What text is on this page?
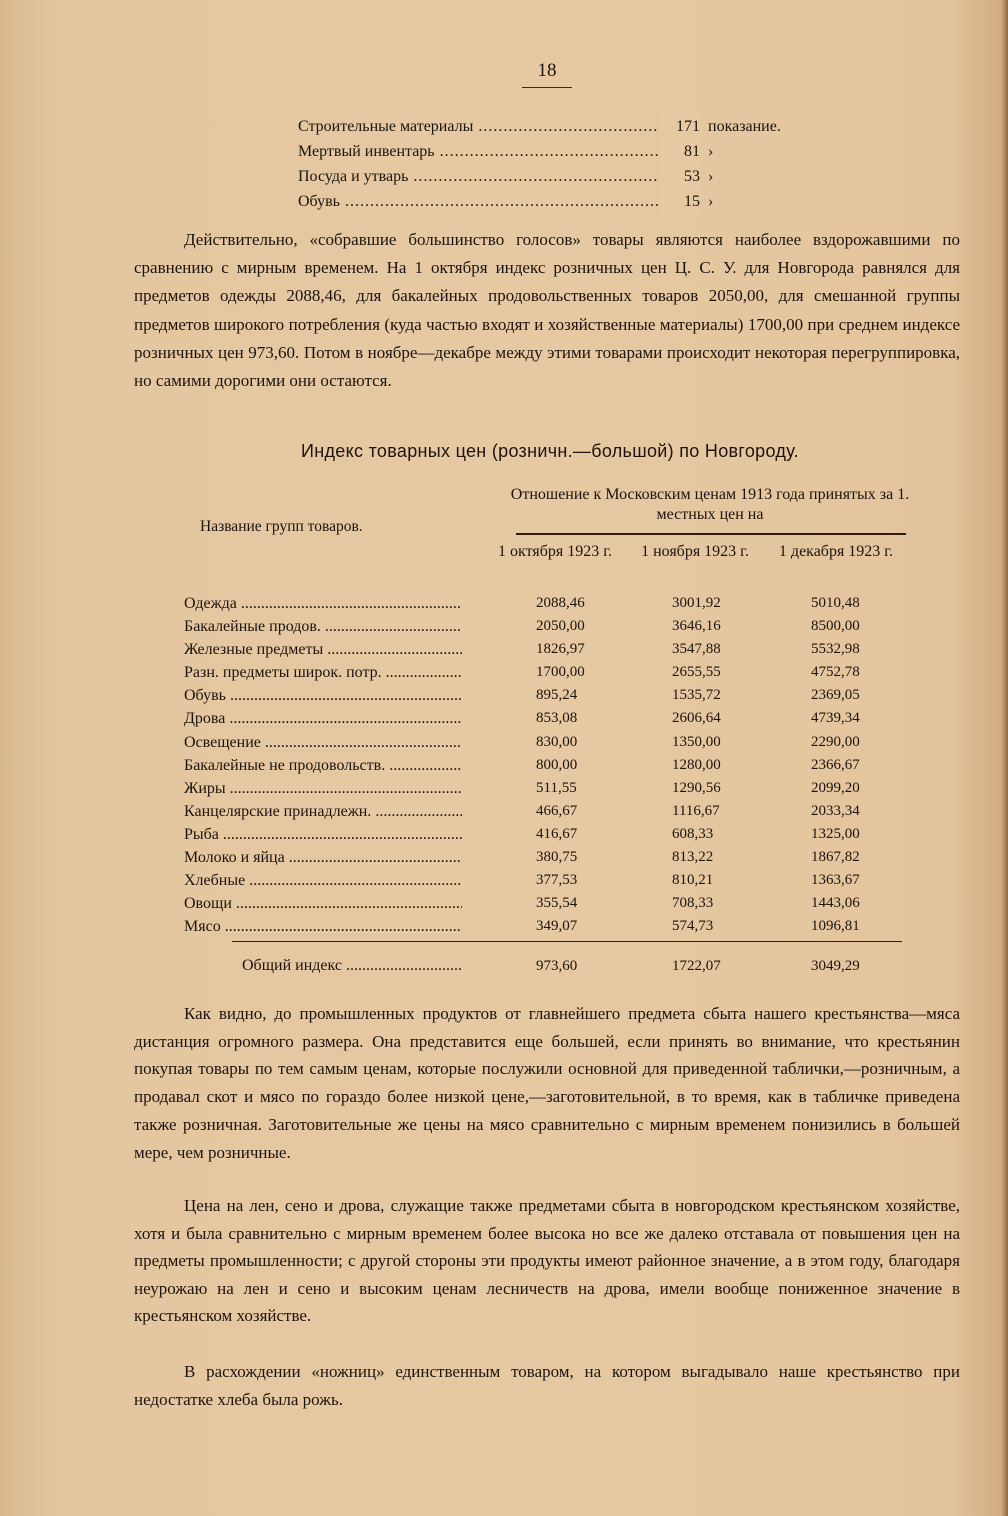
18
Строительные материалы .....	171 показание.
Мертвый инвентарь .....	81 ›
Посуда и утварь .....	53 ›
Обувь .....	15 ›
Действительно, «собравшие большинство голосов» товары являются наиболее вздорожавшими по сравнению с мирным временем. На 1 октября индекс розничных цен Ц. С. У. для Новгорода равнялся для предметов одежды 2088,46, для бакалейных продовольственных товаров 2050,00, для смешанной группы предметов широкого потребления (куда частью входят и хозяйственные материалы) 1700,00 при среднем индексе розничных цен 973,60. Потом в ноябре—декабре между этими товарами происходит некоторая перегруппировка, но самими дорогими они остаются.
Индекс товарных цен (розничн.—большой) по Новгороду.
Отношение к Московским ценам 1913 года принятых за 1. местных цен на
Название групп товаров.
1 октября 1923 г.	1 ноября 1923 г.	1 декабря 1923 г.
Одежда .....	2088,46	3001,92	5010,48
Бакалейные продов. .....	2050,00	3646,16	8500,00
Железные предметы .....	1826,97	3547,88	5532,98
Разн. предметы широк. потр. .....	1700,00	2655,55	4752,78
Обувь .....	895,24	1535,72	2369,05
Дрова .....	853,08	2606,64	4739,34
Освещение .....	830,00	1350,00	2290,00
Бакалейные не продовольств. .....	800,00	1280,00	2366,67
Жиры .....	511,55	1290,56	2099,20
Канцелярские принадлежн. .....	466,67	1116,67	2033,34
Рыба .....	416,67	608,33	1325,00
Молоко и яйца .....	380,75	813,22	1867,82
Хлебные .....	377,53	810,21	1363,67
Овощи .....	355,54	708,33	1443,06
Мясо .....	349,07	574,73	1096,81
Общий индекс .....	973,60	1722,07	3049,29
Как видно, до промышленных продуктов от главнейшего предмета сбыта нашего крестьянства—мяса дистанция огромного размера. Она представится еще большей, если принять во внимание, что крестьянин покупая товары по тем самым ценам, которые послужили основной для приведенной таблички,—розничным, а продавал скот и мясо по гораздо более низкой цене,—заготовительной, в то время, как в табличке приведена также розничная. Заготовительные же цены на мясо сравнительно с мирным временем понизились в большей мере, чем розничные.
Цена на лен, сено и дрова, служащие также предметами сбыта в новгородском крестьянском хозяйстве, хотя и была сравнительно с мирным временем более высока но все же далеко отставала от повышения цен на предметы промышленности; с другой стороны эти продукты имеют районное значение, а в этом году, благодаря неурожаю на лен и сено и высоким ценам лесничеств на дрова, имели вообще пониженное значение в крестьянском хозяйстве.
В расхождении «ножниц» единственным товаром, на котором выгадывало наше крестьянство при недостатке хлеба была рожь.
